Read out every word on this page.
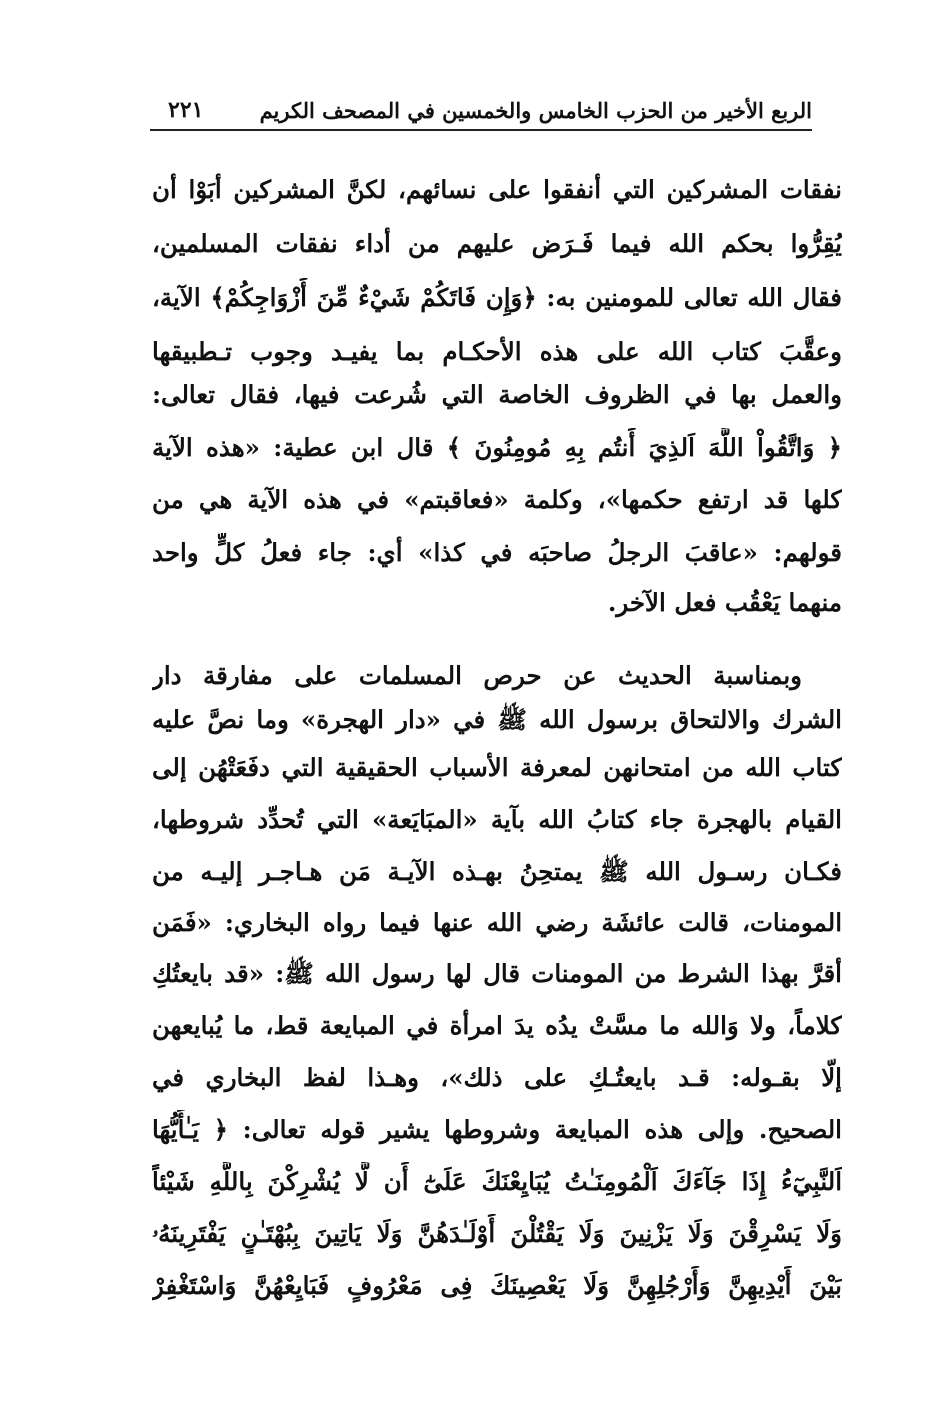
الربع الأخير من الحزب الخامس والخمسين في المصحف الكريم
٢٢١
نفقات المشركين التي أنفقوا على نسائهم، لكنَّ المشركين أبَوْا أن
يُقِرُّوا بحكم الله فيما فَـرَض عليهم من أداء نفقات المسلمين،
فقال الله تعالى للمومنين به: ﴿وَإِن فَاتَكُمْ شَيْءٌ مِّنَ أَزْوَاجِكُمْ﴾ الآية،
وعقَّبَ كتاب الله على هذه الأحكـام بما يفيـد وجوب تـطبيقها
والعمل بها في الظروف الخاصة التي شُرعت فيها، فقال تعالى:
﴿ وَاتَّقُواْ اللَّهَ اَلذِيَ أَنتُم بِهِ مُومِنُونَ ﴾ قال ابن عطية: «هذه الآية
كلها قد ارتفع حكمها»، وكلمة «فعاقبتم» في هذه الآية هي من
قولهم: «عاقبَ الرجلُ صاحبَه في كذا» أي: جاء فعلُ كلٍّ واحد
منهما يَعْقُب فعل الآخر.
وبمناسبة الحديث عن حرص المسلمات على مفارقة دار
الشرك والالتحاق برسول الله ﷺ في «دار الهجرة» وما نصَّ عليه
كتاب الله من امتحانهن لمعرفة الأسباب الحقيقية التي دفَعَتْهُن إلى
القيام بالهجرة جاء كتابُ الله بآية «المبَايَعة» التي تُحدِّد شروطها،
فكـان رسـول الله ﷺ يمتحِنُ بهـذه الآيـة مَن هـاجـر إليـه من
المومنات، قالت عائشَة رضي الله عنها فيما رواه البخاري: «فَمَن
أقرَّ بهذا الشرط من المومنات قال لها رسول الله ﷺ: «قد بايعتُكِ
كلاماً، ولا وَالله ما مسَّتْ يدُه يدَ امرأة في المبايعة قط، ما يُبايعهن
إلّا بقـوله: قـد بايعتُـكِ على ذلك»، وهـذا لفظ البخاري في
الصحيح. وإلى هذه المبايعة وشروطها يشير قوله تعالى: ﴿ يَـٰأَيُّهَا
اَلنَّبِيٓءُ إِذَا جَآءَكَ اَلْمُومِنَـٰتُ يُبَايِعْنَكَ عَلَىٰٓ أَن لَّا يُشْرِكْنَ بِاللَّهِ شَيْئاً
وَلَا يَسْرِقْنَ وَلَا يَزْنِينَ وَلَا يَقْتُلْنَ أَوْلَـٰدَهُنَّ وَلَا يَاتِينَ بِبُهْتَـٰنٍ يَفْتَرِينَهُۥ
بَيْنَ أَيْدِيهِنَّ وَأَرْجُلِهِنَّ وَلَا يَعْصِينَكَ فِى مَعْرُوفٍ فَبَايِعْهُنَّ وَاسْتَغْفِرْ
